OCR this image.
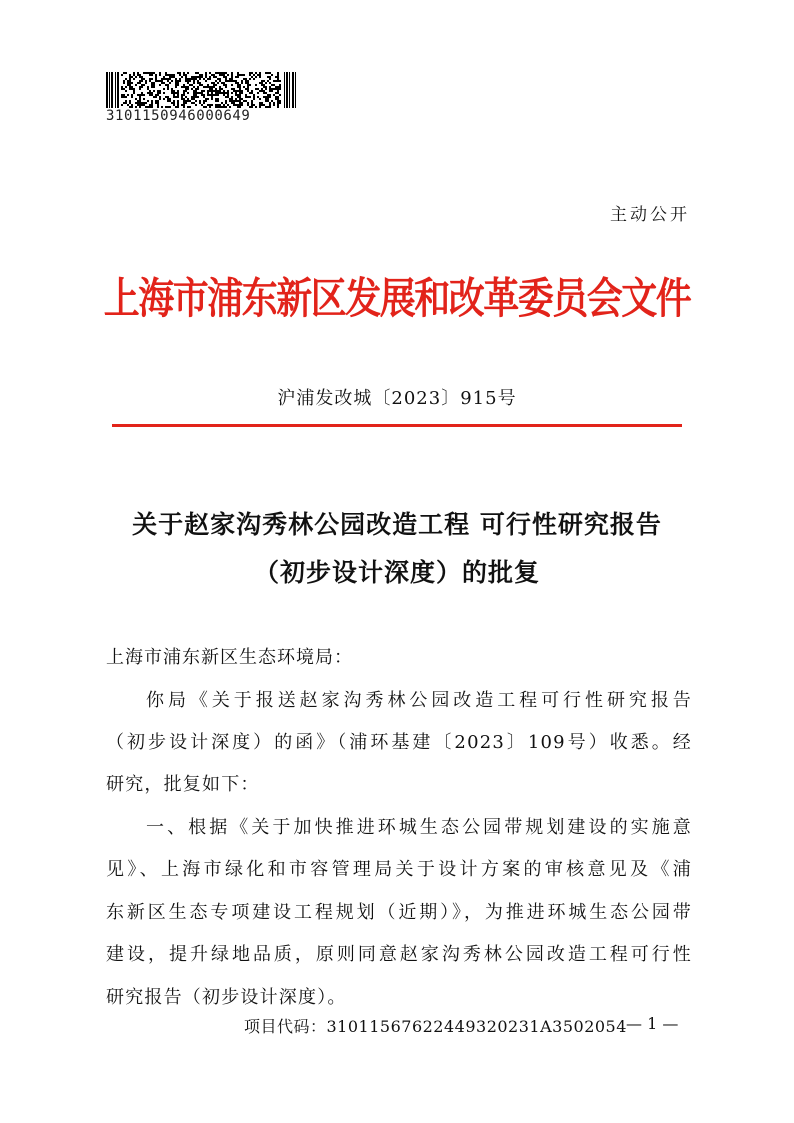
3101150946000649
主动公开
上海市浦东新区发展和改革委员会文件
沪浦发改城〔2023〕915号
关于赵家沟秀林公园改造工程 可行性研究报告
（初步设计深度）的批复
上海市浦东新区生态环境局：
你局《关于报送赵家沟秀林公园改造工程可行性研究报告
（初步设计深度）的函》（浦环基建〔2023〕109号）收悉。经
研究，批复如下：
一、根据《关于加快推进环城生态公园带规划建设的实施意
见》、上海市绿化和市容管理局关于设计方案的审核意见及《浦
东新区生态专项建设工程规划（近期）》，为推进环城生态公园带
建设，提升绿地品质，原则同意赵家沟秀林公园改造工程可行性
研究报告（初步设计深度）。
项目代码：31011567622449320231A3502054 — 1 —
